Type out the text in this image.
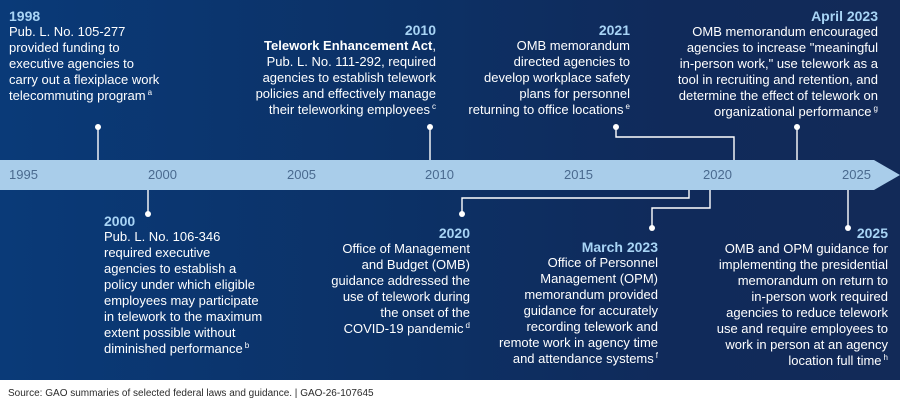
1995	2000	2005	2010	2015	2020	2025
1998
Pub. L. No. 105-277
provided funding to
executive agencies to
carry out a flexiplace work
telecommuting program $^a$
2010
Telework Enhancement Act,
Pub. L. No. 111-292, required
agencies to establish telework
policies and effectively manage
their teleworking employees $^c$
2021
OMB memorandum
directed agencies to
develop workplace safety
plans for personnel
returning to office locations $^e$
April 2023
OMB memorandum encouraged
agencies to increase "meaningful
in-person work," use telework as a
tool in recruiting and retention, and
determine the effect of telework on
organizational performance $^g$
2000
Pub. L. No. 106-346
required executive
agencies to establish a
policy under which eligible
employees may participate
in telework to the maximum
extent possible without
diminished performance $^b$
2020
Office of Management
and Budget (OMB)
guidance addressed the
use of telework during
the onset of the
COVID-19 pandemic $^d$
March 2023
Office of Personnel
Management (OPM)
memorandum provided
guidance for accurately
recording telework and
remote work in agency time
and attendance systems $^f$
2025
OMB and OPM guidance for
implementing the presidential
memorandum on return to
in-person work required
agencies to reduce telework
use and require employees to
work in person at an agency
location full time $^h$
Source: GAO summaries of selected federal laws and guidance. | GAO-26-107645
